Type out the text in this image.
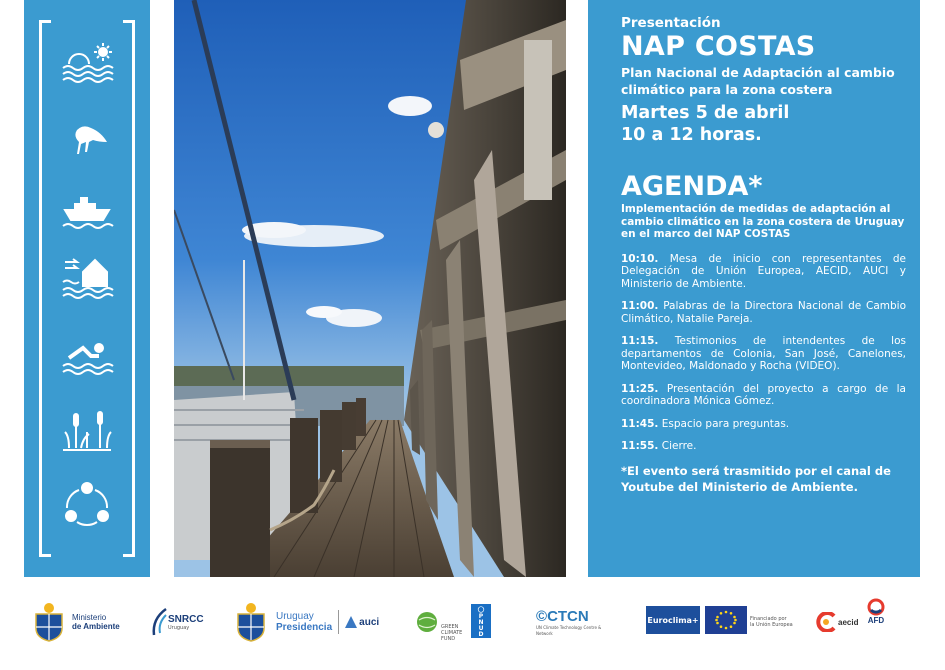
Presentación
NAP COSTAS
Plan Nacional de Adaptación al cambio climático para la zona costera
Martes 5 de abril
10 a 12 horas.
AGENDA*
Implementación de medidas de adaptación al cambio climático en la zona costera de Uruguay en el marco del NAP COSTAS
10:10. Mesa de inicio con representantes de Delegación de Unión Europea, AECID, AUCI y Ministerio de Ambiente.
11:00. Palabras de la Directora Nacional de Cambio Climático, Natalie Pareja.
11:15. Testimonios de intendentes de los departamentos de Colonia, San José, Canelones, Montevideo, Maldonado y Rocha (VIDEO).
11:25. Presentación del proyecto a cargo de la coordinadora Mónica Gómez.
11:45. Espacio para preguntas.
11:55. Cierre.
*El evento será trasmitido por el canal de Youtube del Ministerio de Ambiente.
Ministerio
de Ambiente
SNRCC
Uruguay
Uruguay
Presidencia	auci	GREEN
CLIMATE
FUND
PNUD
©CTCN
UN Climate Technology Centre & Network
Euroclima+	Financiado por
la Unión Europea	aecid AFD
